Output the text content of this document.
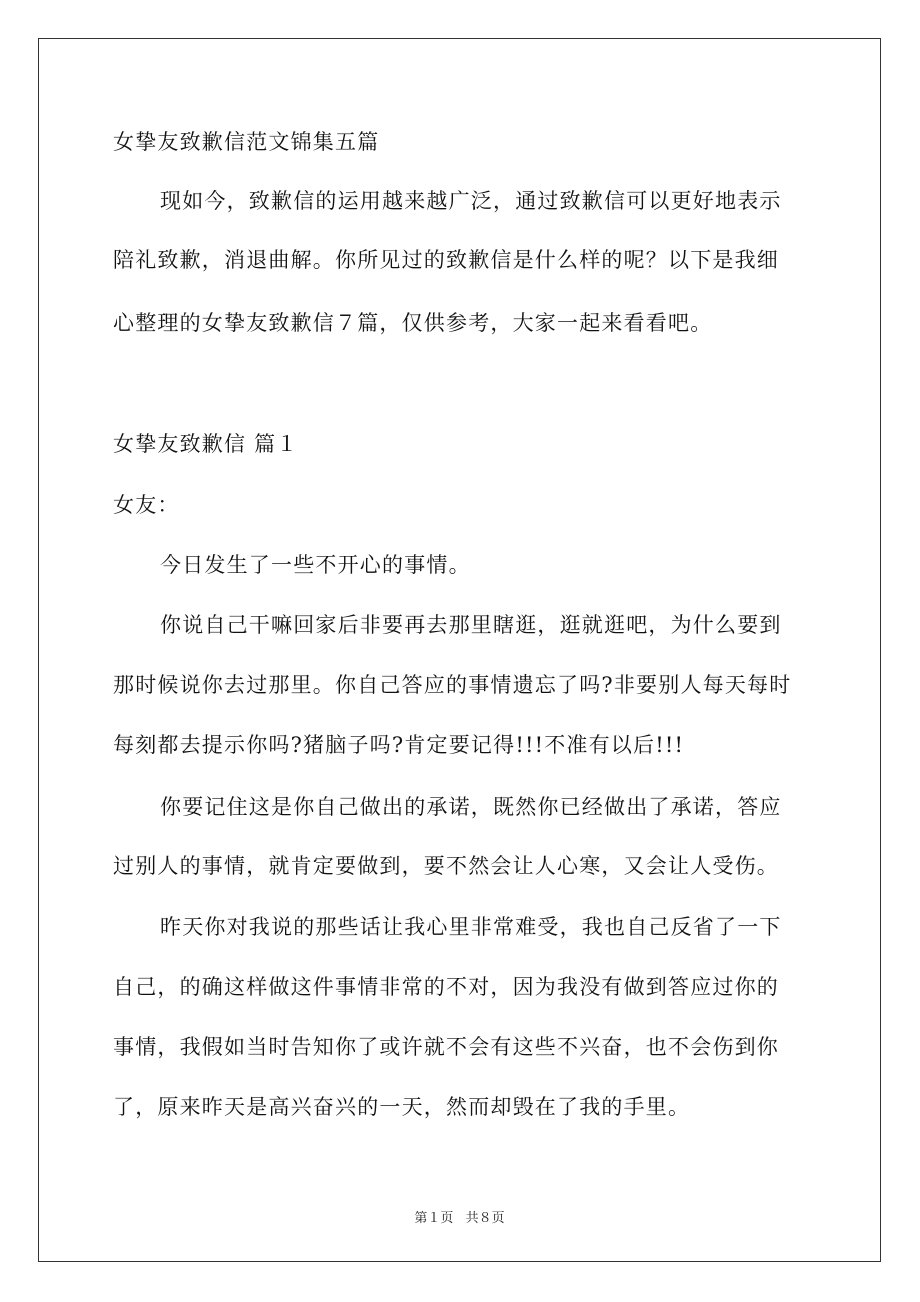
女挚友致歉信范文锦集五篇
现如今，致歉信的运用越来越广泛，通过致歉信可以更好地表示
陪礼致歉，消退曲解。你所见过的致歉信是什么样的呢？以下是我细
心整理的女挚友致歉信７篇，仅供参考，大家一起来看看吧。
女挚友致歉信 篇１
女友：
今日发生了一些不开心的事情。
你说自己干嘛回家后非要再去那里瞎逛，逛就逛吧，为什么要到
那时候说你去过那里。你自己答应的事情遗忘了吗?非要别人每天每时
每刻都去提示你吗?猪脑子吗?肯定要记得!!!不准有以后!!!
你要记住这是你自己做出的承诺，既然你已经做出了承诺，答应
过别人的事情，就肯定要做到，要不然会让人心寒，又会让人受伤。
昨天你对我说的那些话让我心里非常难受，我也自己反省了一下
自己，的确这样做这件事情非常的不对，因为我没有做到答应过你的
事情，我假如当时告知你了或许就不会有这些不兴奋，也不会伤到你
了，原来昨天是高兴奋兴的一天，然而却毁在了我的手里。
第１页 共８页
